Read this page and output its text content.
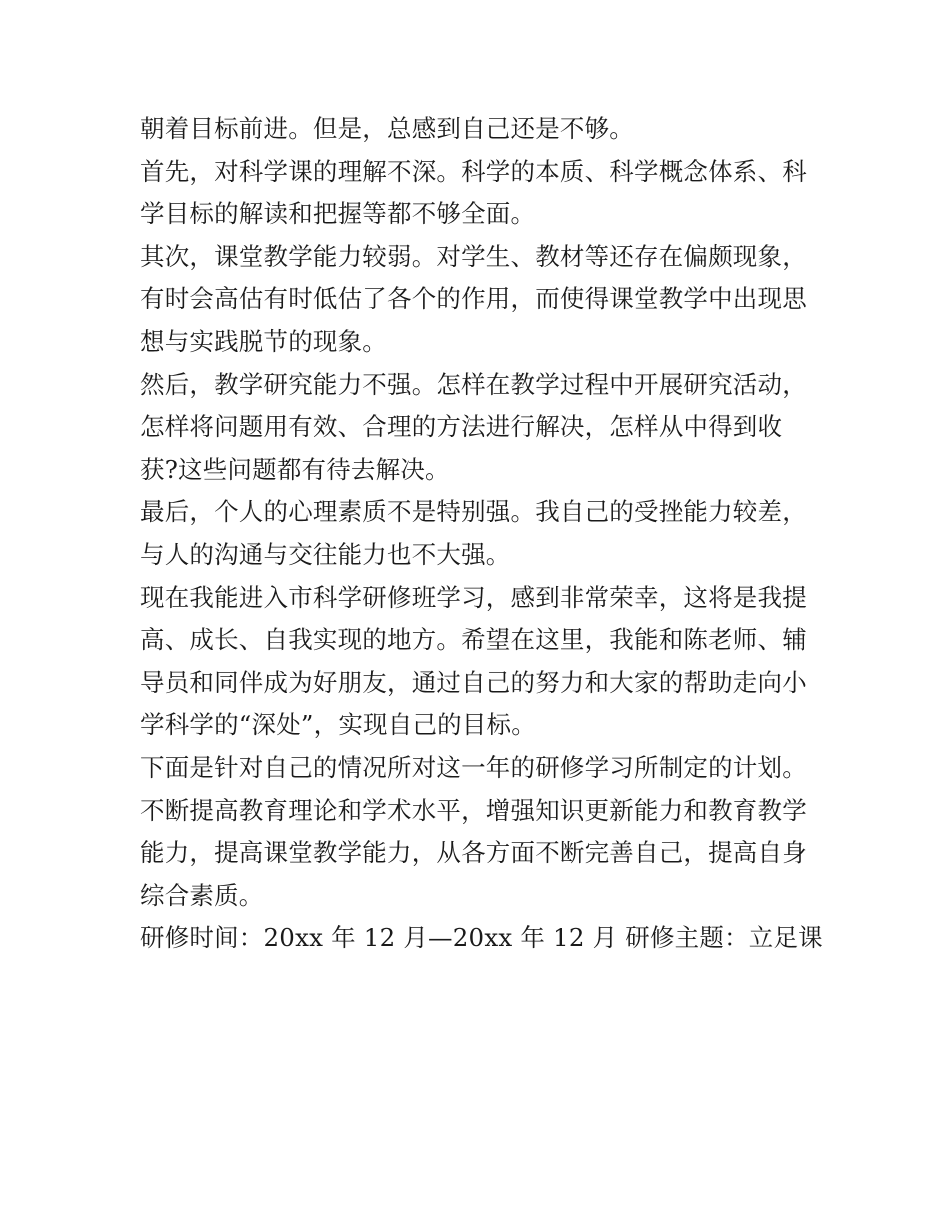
朝着目标前进。但是，总感到自己还是不够。
首先，对科学课的理解不深。科学的本质、科学概念体系、科
学目标的解读和把握等都不够全面。
其次，课堂教学能力较弱。对学生、教材等还存在偏颇现象，
有时会高估有时低估了各个的作用，而使得课堂教学中出现思
想与实践脱节的现象。
然后，教学研究能力不强。怎样在教学过程中开展研究活动，
怎样将问题用有效、合理的方法进行解决，怎样从中得到收
获?这些问题都有待去解决。
最后，个人的心理素质不是特别强。我自己的受挫能力较差，
与人的沟通与交往能力也不大强。
现在我能进入市科学研修班学习，感到非常荣幸，这将是我提
高、成长、自我实现的地方。希望在这里，我能和陈老师、辅
导员和同伴成为好朋友，通过自己的努力和大家的帮助走向小
学科学的“深处”，实现自己的目标。
下面是针对自己的情况所对这一年的研修学习所制定的计划。
不断提高教育理论和学术水平，增强知识更新能力和教育教学
能力，提高课堂教学能力，从各方面不断完善自己，提高自身
综合素质。
研修时间：20xx 年 12 月—20xx 年 12 月 研修主题：立足课
